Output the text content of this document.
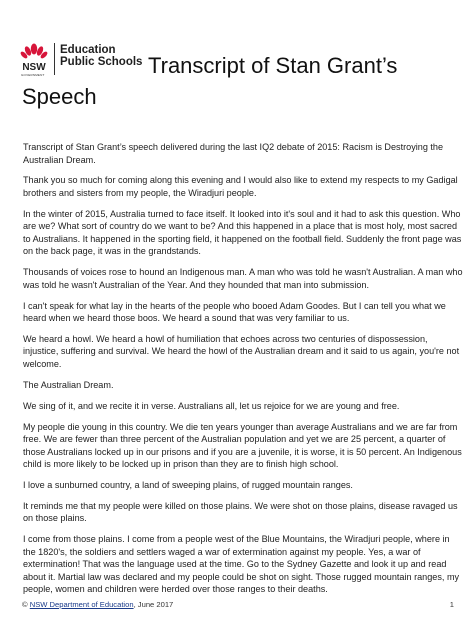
NSW
GOVERNMENT
Education
Public Schools Transcript of Stan Grant’s
Speech

Transcript of Stan Grant’s speech delivered during the last IQ2 debate of 2015: Racism is Destroying the Australian Dream.

Thank you so much for coming along this evening and I would also like to extend my respects to my Gadigal brothers and sisters from my people, the Wiradjuri people.

In the winter of 2015, Australia turned to face itself. It looked into it's soul and it had to ask this question. Who are we? What sort of country do we want to be? And this happened in a place that is most holy, most sacred to Australians. It happened in the sporting field, it happened on the football field. Suddenly the front page was on the back page, it was in the grandstands.

Thousands of voices rose to hound an Indigenous man. A man who was told he wasn't Australian. A man who was told he wasn't Australian of the Year. And they hounded that man into submission.

I can't speak for what lay in the hearts of the people who booed Adam Goodes. But I can tell you what we heard when we heard those boos. We heard a sound that was very familiar to us.

We heard a howl. We heard a howl of humiliation that echoes across two centuries of dispossession, injustice, suffering and survival. We heard the howl of the Australian dream and it said to us again, you're not welcome.

The Australian Dream.

We sing of it, and we recite it in verse. Australians all, let us rejoice for we are young and free.

My people die young in this country. We die ten years younger than average Australians and we are far from free. We are fewer than three percent of the Australian population and yet we are 25 percent, a quarter of those Australians locked up in our prisons and if you are a juvenile, it is worse, it is 50 percent. An Indigenous child is more likely to be locked up in prison than they are to finish high school.

I love a sunburned country, a land of sweeping plains, of rugged mountain ranges.

It reminds me that my people were killed on those plains. We were shot on those plains, disease ravaged us on those plains.

I come from those plains. I come from a people west of the Blue Mountains, the Wiradjuri people, where in the 1820's, the soldiers and settlers waged a war of extermination against my people. Yes, a war of extermination! That was the language used at the time. Go to the Sydney Gazette and look it up and read about it. Martial law was declared and my people could be shot on sight. Those rugged mountain ranges, my people, women and children were herded over those ranges to their deaths.

© NSW Department of Education, June 2017	1
